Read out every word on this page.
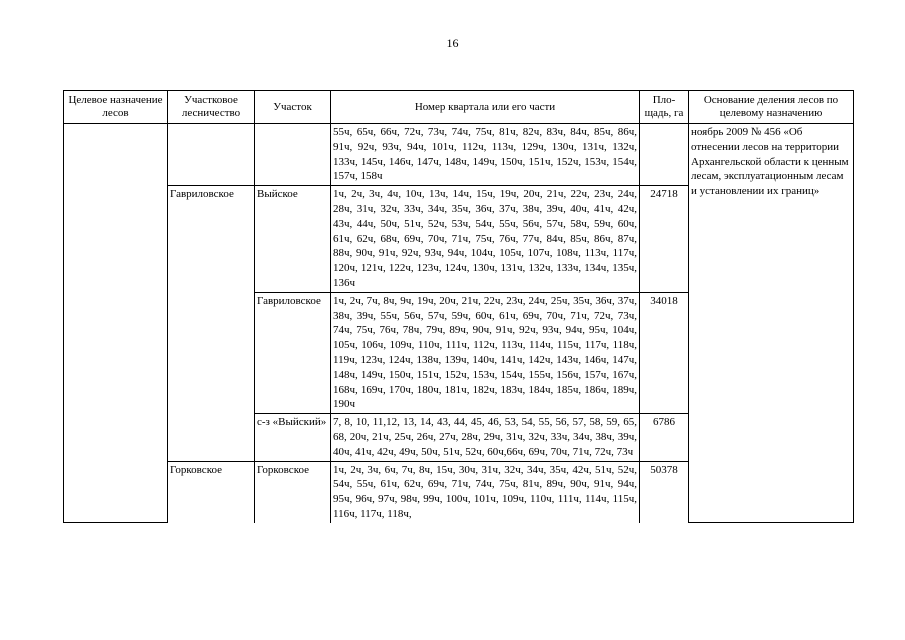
16
Целевое назначение лесов	Участковое лесничество	Участок	Номер квартала или его части	Пло-щадь, га	Основание деления лесов по целевому назначению
			55ч, 65ч, 66ч, 72ч, 73ч, 74ч, 75ч, 81ч, 82ч, 83ч, 84ч, 85ч, 86ч, 91ч, 92ч, 93ч, 94ч, 101ч, 112ч, 113ч, 129ч, 130ч, 131ч, 132ч, 133ч, 145ч, 146ч, 147ч, 148ч, 149ч, 150ч, 151ч, 152ч, 153ч, 154ч, 157ч, 158ч		ноябрь 2009 № 456 «Об отнесении лесов на территории Архангельской области к ценным лесам, эксплуатационным лесам и установлении их границ»
	Гавриловское	Выйское	1ч, 2ч, 3ч, 4ч, 10ч, 13ч, 14ч, 15ч, 19ч, 20ч, 21ч, 22ч, 23ч, 24ч, 28ч, 31ч, 32ч, 33ч, 34ч, 35ч, 36ч, 37ч, 38ч, 39ч, 40ч, 41ч, 42ч, 43ч, 44ч, 50ч, 51ч, 52ч, 53ч, 54ч, 55ч, 56ч, 57ч, 58ч, 59ч, 60ч, 61ч, 62ч, 68ч, 69ч, 70ч, 71ч, 75ч, 76ч, 77ч, 84ч, 85ч, 86ч, 87ч, 88ч, 90ч, 91ч, 92ч, 93ч, 94ч, 104ч, 105ч, 107ч, 108ч, 113ч, 117ч, 120ч, 121ч, 122ч, 123ч, 124ч, 130ч, 131ч, 132ч, 133ч, 134ч, 135ч, 136ч	24718	
		Гавриловское	1ч, 2ч, 7ч, 8ч, 9ч, 19ч, 20ч, 21ч, 22ч, 23ч, 24ч, 25ч, 35ч, 36ч, 37ч, 38ч, 39ч, 55ч, 56ч, 57ч, 59ч, 60ч, 61ч, 69ч, 70ч, 71ч, 72ч, 73ч, 74ч, 75ч, 76ч, 78ч, 79ч, 89ч, 90ч, 91ч, 92ч, 93ч, 94ч, 95ч, 104ч, 105ч, 106ч, 109ч, 110ч, 111ч, 112ч, 113ч, 114ч, 115ч, 117ч, 118ч, 119ч, 123ч, 124ч, 138ч, 139ч, 140ч, 141ч, 142ч, 143ч, 146ч, 147ч, 148ч, 149ч, 150ч, 151ч, 152ч, 153ч, 154ч, 155ч, 156ч, 157ч, 167ч, 168ч, 169ч, 170ч, 180ч, 181ч, 182ч, 183ч, 184ч, 185ч, 186ч, 189ч, 190ч	34018	
		с-з «Выйский»	7, 8, 10, 11,12, 13, 14, 43, 44, 45, 46, 53, 54, 55, 56, 57, 58, 59, 65, 68, 20ч, 21ч, 25ч, 26ч, 27ч, 28ч, 29ч, 31ч, 32ч, 33ч, 34ч, 38ч, 39ч, 40ч, 41ч, 42ч, 49ч, 50ч, 51ч, 52ч, 60ч,66ч, 69ч, 70ч, 71ч, 72ч, 73ч	6786	
	Горковское	Горковское	1ч, 2ч, 3ч, 6ч, 7ч, 8ч, 15ч, 30ч, 31ч, 32ч, 34ч, 35ч, 42ч, 51ч, 52ч, 54ч, 55ч, 61ч, 62ч, 69ч, 71ч, 74ч, 75ч, 81ч, 89ч, 90ч, 91ч, 94ч, 95ч, 96ч, 97ч, 98ч, 99ч, 100ч, 101ч, 109ч, 110ч, 111ч, 114ч, 115ч, 116ч, 117ч, 118ч,	50378	
